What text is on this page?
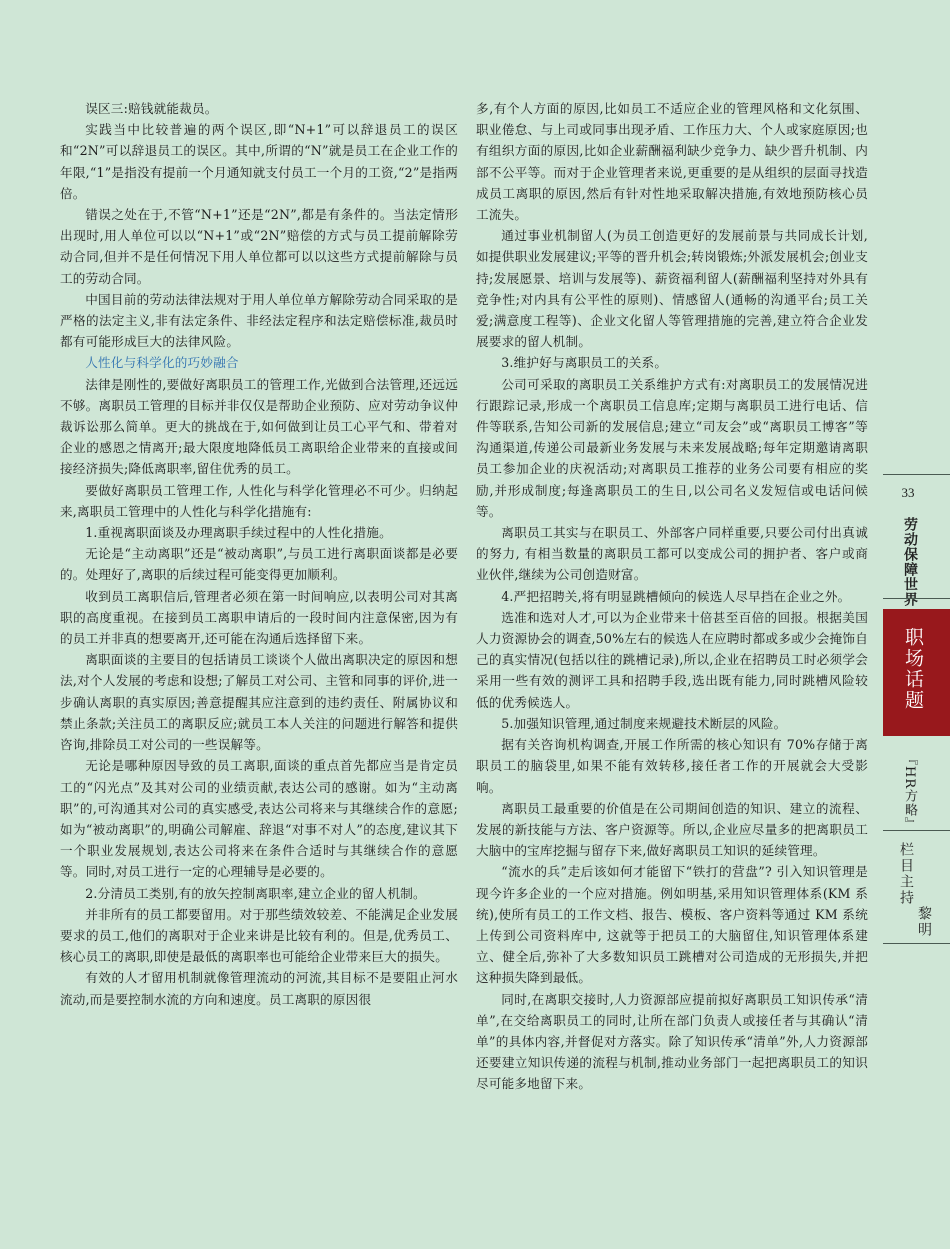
误区三:赔钱就能裁员。

实践当中比较普遍的两个误区,即“N+1”可以辞退员工的误区和“2N”可以辞退员工的误区。其中,所谓的“N”就是员工在企业工作的年限,“1”是指没有提前一个月通知就支付员工一个月的工资,“2”是指两倍。

错误之处在于,不管“N+1”还是“2N”,都是有条件的。当法定情形出现时,用人单位可以以“N+1”或“2N”赔偿的方式与员工提前解除劳动合同,但并不是任何情况下用人单位都可以以这些方式提前解除与员工的劳动合同。

中国目前的劳动法律法规对于用人单位单方解除劳动合同采取的是严格的法定主义,非有法定条件、非经法定程序和法定赔偿标准,裁员时都有可能形成巨大的法律风险。

人性化与科学化的巧妙融合

法律是刚性的,要做好离职员工的管理工作,光做到合法管理,还远远不够。离职员工管理的目标并非仅仅是帮助企业预防、应对劳动争议仲裁诉讼那么简单。更大的挑战在于,如何做到让员工心平气和、带着对企业的感恩之情离开;最大限度地降低员工离职给企业带来的直接或间接经济损失;降低离职率,留住优秀的员工。

要做好离职员工管理工作, 人性化与科学化管理必不可少。归纳起来,离职员工管理中的人性化与科学化措施有:

1.重视离职面谈及办理离职手续过程中的人性化措施。

无论是“主动离职”还是“被动离职”,与员工进行离职面谈都是必要的。处理好了,离职的后续过程可能变得更加顺利。

收到员工离职信后,管理者必须在第一时间响应,以表明公司对其离职的高度重视。在接到员工离职申请后的一段时间内注意保密,因为有的员工并非真的想要离开,还可能在沟通后选择留下来。

离职面谈的主要目的包括请员工谈谈个人做出离职决定的原因和想法,对个人发展的考虑和设想;了解员工对公司、主管和同事的评价,进一步确认离职的真实原因;善意提醒其应注意到的违约责任、附属协议和禁止条款;关注员工的离职反应;就员工本人关注的问题进行解答和提供咨询,排除员工对公司的一些误解等。

无论是哪种原因导致的员工离职,面谈的重点首先都应当是肯定员工的“闪光点”及其对公司的业绩贡献,表达公司的感谢。如为“主动离职”的,可沟通其对公司的真实感受,表达公司将来与其继续合作的意愿;如为“被动离职”的,明确公司解雇、辞退“对事不对人”的态度,建议其下一个职业发展规划,表达公司将来在条件合适时与其继续合作的意愿等。同时,对员工进行一定的心理辅导是必要的。

2.分清员工类别,有的放矢控制离职率,建立企业的留人机制。

并非所有的员工都要留用。对于那些绩效较差、不能满足企业发展要求的员工,他们的离职对于企业来讲是比较有利的。但是,优秀员工、核心员工的离职,即使是最低的离职率也可能给企业带来巨大的损失。

有效的人才留用机制就像管理流动的河流,其目标不是要阻止河水流动,而是要控制水流的方向和速度。员工离职的原因很

多,有个人方面的原因,比如员工不适应企业的管理风格和文化氛围、职业倦怠、与上司或同事出现矛盾、工作压力大、个人或家庭原因;也有组织方面的原因,比如企业薪酬福利缺少竞争力、缺少晋升机制、内部不公平等。而对于企业管理者来说,更重要的是从组织的层面寻找造成员工离职的原因,然后有针对性地采取解决措施,有效地预防核心员工流失。

通过事业机制留人(为员工创造更好的发展前景与共同成长计划,如提供职业发展建议;平等的晋升机会;转岗锻炼;外派发展机会;创业支持;发展愿景、培训与发展等)、薪资福利留人(薪酬福利坚持对外具有竞争性;对内具有公平性的原则)、情感留人(通畅的沟通平台;员工关爱;满意度工程等)、企业文化留人等管理措施的完善,建立符合企业发展要求的留人机制。

3.维护好与离职员工的关系。

公司可采取的离职员工关系维护方式有:对离职员工的发展情况进行跟踪记录,形成一个离职员工信息库;定期与离职员工进行电话、信件等联系,告知公司新的发展信息;建立“司友会”或“离职员工博客”等沟通渠道,传递公司最新业务发展与未来发展战略;每年定期邀请离职员工参加企业的庆祝活动;对离职员工推荐的业务公司要有相应的奖励,并形成制度;每逢离职员工的生日,以公司名义发短信或电话问候等。

离职员工其实与在职员工、外部客户同样重要,只要公司付出真诚的努力, 有相当数量的离职员工都可以变成公司的拥护者、客户或商业伙伴,继续为公司创造财富。

4.严把招聘关,将有明显跳槽倾向的候选人尽早挡在企业之外。

选准和选对人才,可以为企业带来十倍甚至百倍的回报。根据美国人力资源协会的调查,50%左右的候选人在应聘时都或多或少会掩饰自己的真实情况(包括以往的跳槽记录),所以,企业在招聘员工时必须学会采用一些有效的测评工具和招聘手段,选出既有能力,同时跳槽风险较低的优秀候选人。

5.加强知识管理,通过制度来规避技术断层的风险。

据有关咨询机构调查,开展工作所需的核心知识有 70%存储于离职员工的脑袋里,如果不能有效转移,接任者工作的开展就会大受影响。

离职员工最重要的价值是在公司期间创造的知识、建立的流程、发展的新技能与方法、客户资源等。所以,企业应尽量多的把离职员工大脑中的宝库挖掘与留存下来,做好离职员工知识的延续管理。

“流水的兵”走后该如何才能留下“铁打的营盘”? 引入知识管理是现今许多企业的一个应对措施。例如明基,采用知识管理体系(KM 系统),使所有员工的工作文档、报告、模板、客户资料等通过 KM 系统上传到公司资料库中, 这就等于把员工的大脑留住,知识管理体系建立、健全后,弥补了大多数知识员工跳槽对公司造成的无形损失,并把这种损失降到最低。

同时,在离职交接时,人力资源部应提前拟好离职员工知识传承“清单”,在交给离职员工的同时,让所在部门负责人或接任者与其确认“清单”的具体内容,并督促对方落实。除了知识传承“清单”外,人力资源部还要建立知识传递的流程与机制,推动业务部门一起把离职员工的知识尽可能多地留下来。

33
劳动保障世界
职场话题
『HR方略』
栏目主持
黎明
